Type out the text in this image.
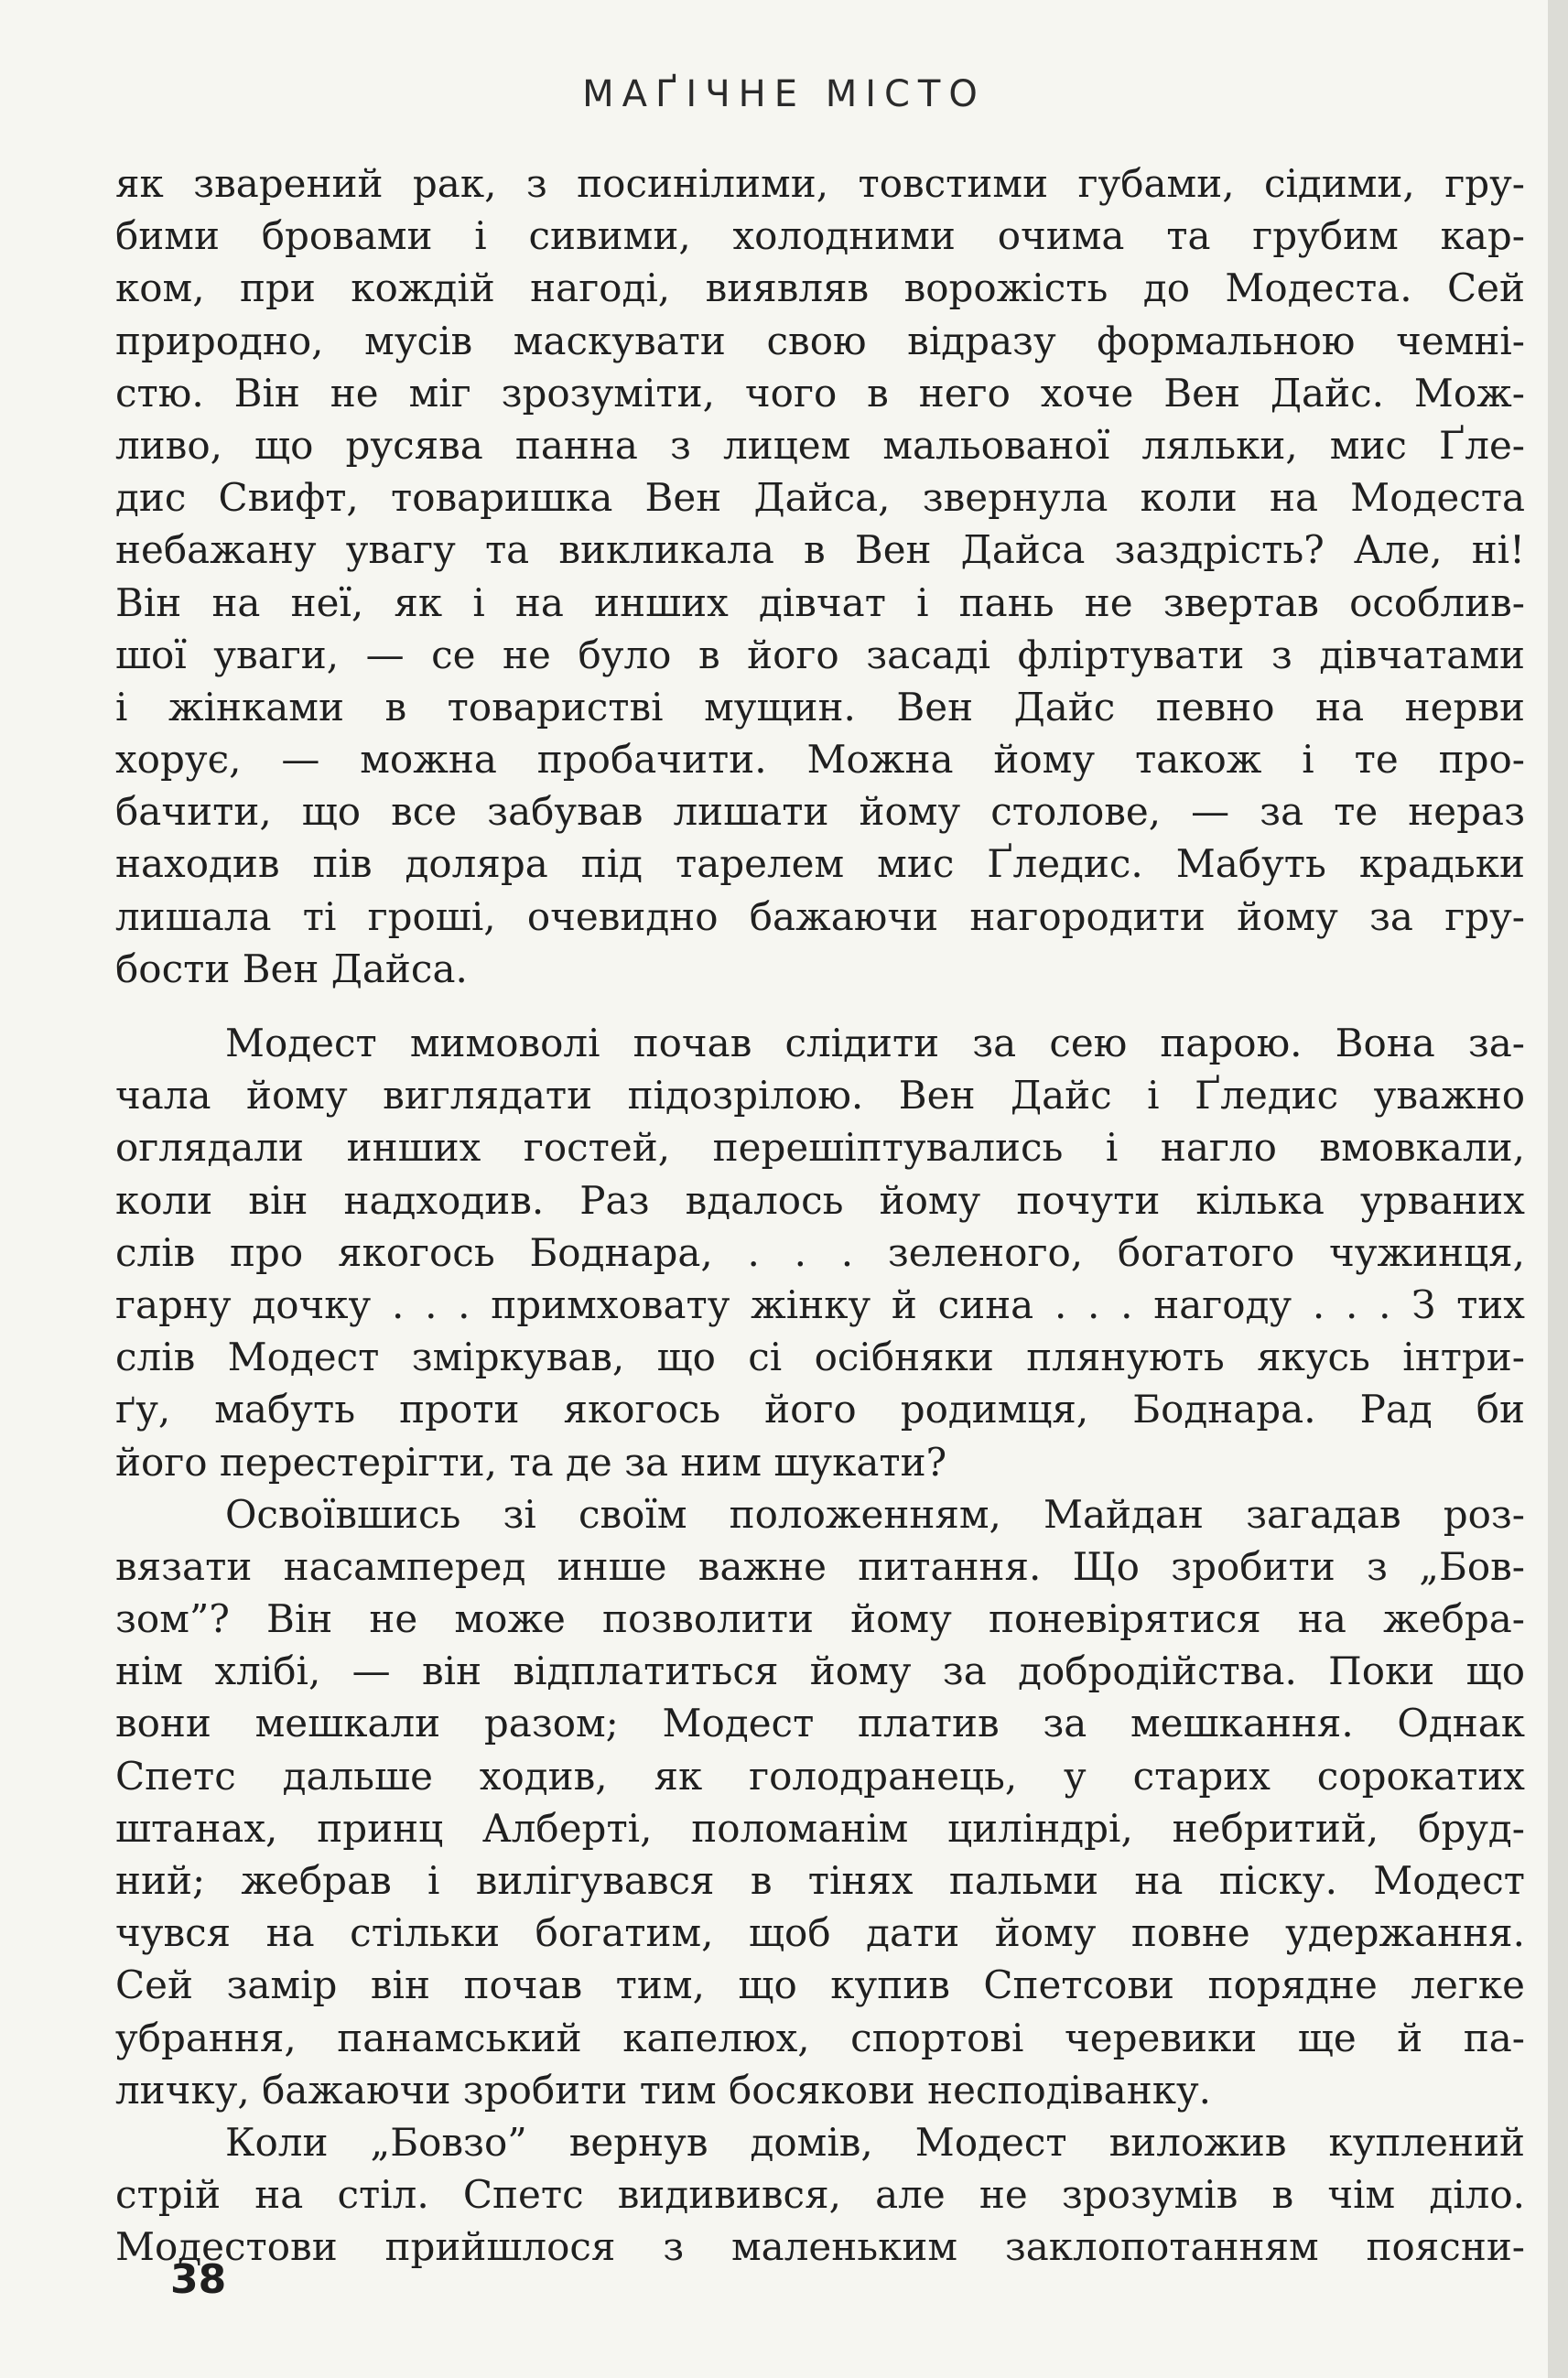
МАҐІЧНЕ МІСТО

як зварений рак, з посинілими, товстими губами, сідими, гру-
бими бровами і сивими, холодними очима та грубим кар-
ком, при кождій нагоді, виявляв ворожість до Модеста. Сей
природно, мусів маскувати свою відразу формальною чемні-
стю. Він не міг зрозуміти, чого в него хоче Вен Дайс. Мож-
ливо, що русява панна з лицем мальованої ляльки, мис Ґле-
дис Свифт, товаришка Вен Дайса, звернула коли на Модеста
небажану увагу та викликала в Вен Дайса заздрість? Але, ні!
Він на неї, як і на инших дівчат і пань не звертав особлив-
шої уваги, — се не було в його засаді фліртувати з дівчатами
і жінками в товаристві мущин. Вен Дайс певно на нерви
хорує, — можна пробачити. Можна йому також і те про-
бачити, що все забував лишати йому столове, — за те нераз
находив пів доляра під тарелем мис Ґледис. Мабуть крадьки
лишала ті гроші, очевидно бажаючи нагородити йому за гру-
бости Вен Дайса.

Модест мимоволі почав слідити за сею парою. Вона за-
чала йому виглядати підозрілою. Вен Дайс і Ґледис уважно
оглядали инших гостей, перешіптувались і нагло вмовкали,
коли він надходив. Раз вдалось йому почути кілька урваних
слів про якогось Боднара, . . . зеленого, богатого чужинця,
гарну дочку . . . примховату жінку й сина . . . нагоду . . . З тих
слів Модест зміркував, що сі осібняки плянують якусь інтри-
ґу, мабуть проти якогось його родимця, Боднара. Рад би
його перестерігти, та де за ним шукати?

Освоївшись зі своїм положенням, Майдан загадав роз-
вязати насамперед инше важне питання. Що зробити з „Бов-
зом”? Він не може позволити йому поневірятися на жебра-
нім хлібі, — він відплатиться йому за добродійства. Поки що
вони мешкали разом; Модест платив за мешкання. Однак
Спетс дальше ходив, як голодранець, у старих сорокатих
штанах, принц Алберті, поломанім циліндрі, небритий, бруд-
ний; жебрав і вилігувався в тінях пальми на піску. Модест
чувся на стільки богатим, щоб дати йому повне удержання.
Сей замір він почав тим, що купив Спетсови порядне легке
убрання, панамський капелюх, спортові черевики ще й па-
личку, бажаючи зробити тим босякови несподіванку.

Коли „Бовзо” вернув домів, Модест виложив куплений
стрій на стіл. Спетс видивився, але не зрозумів в чім діло.
Модестови прийшлося з маленьким заклопотанням поясни-

38
